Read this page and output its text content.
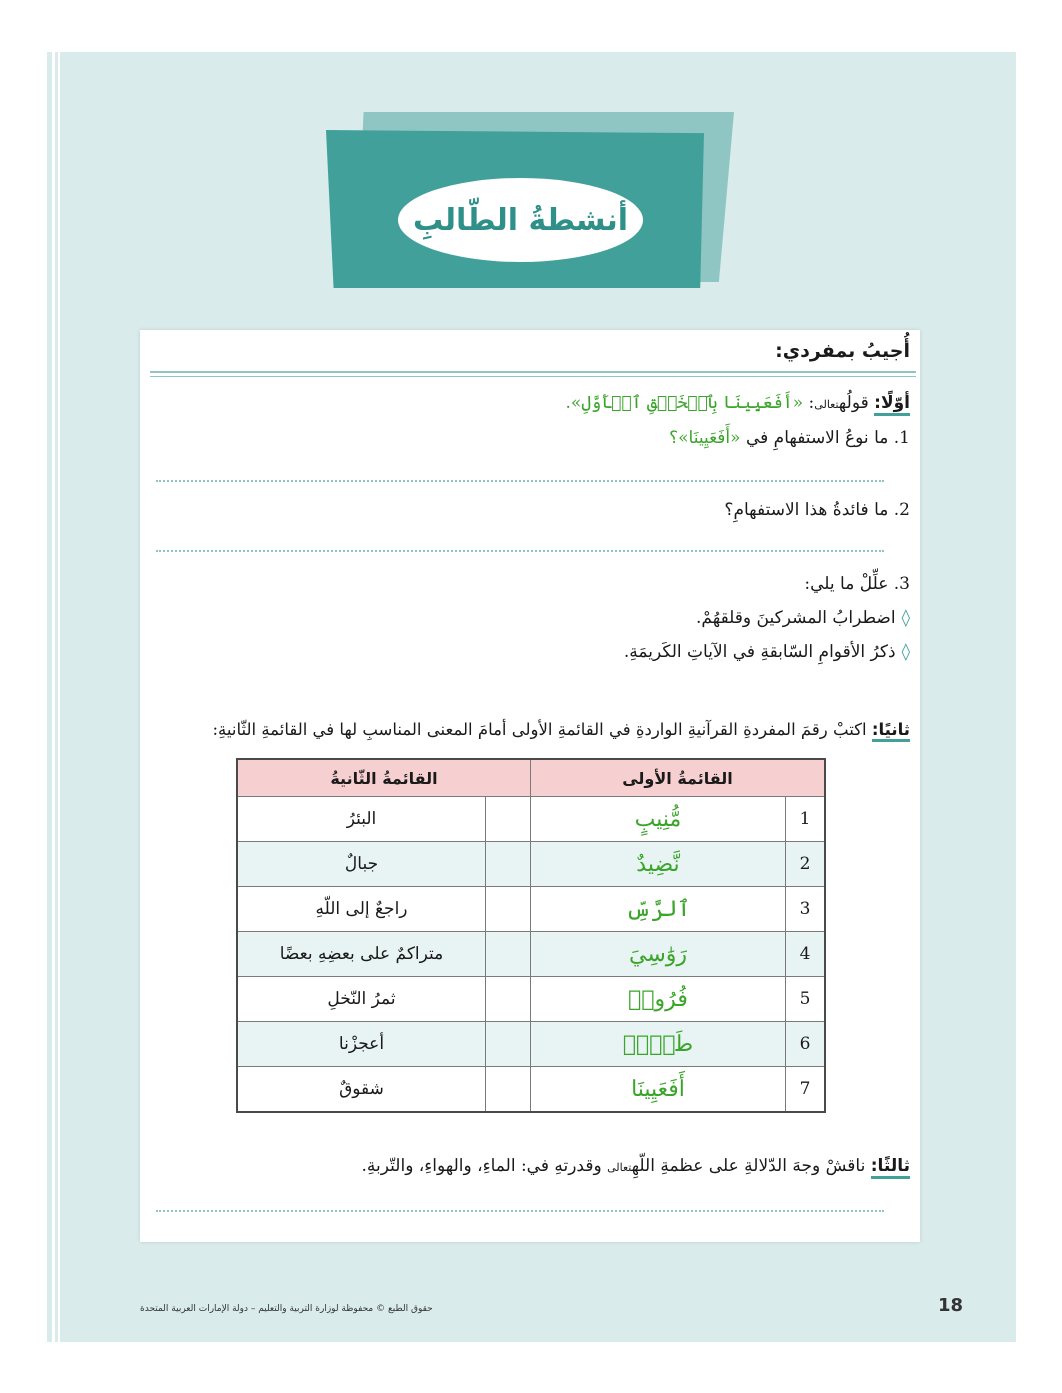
أنشطةُ الطّالبِ
أُجيبُ بمفردي:
أوّلًا: قولُهتعالى: «أَفَعَيِينَا بِٱلۡخَلۡقِ ٱلۡأَوَّلِ».
1. ما نوعُ الاستفهامِ في «أَفَعَيِينَا»؟
2. ما فائدةُ هذا الاستفهامِ؟
3. علِّلْ ما يلي:
◊اضطرابُ المشركينَ وقلقهُمْ.
◊ذكرُ الأقوامِ السّابقةِ في الآياتِ الكَريمَةِ.
ثانيًا: اكتبْ رقمَ المفردةِ القرآنيةِ الواردةِ في القائمةِ الأولى أمامَ المعنى المناسبِ لها في القائمةِ الثّانيةِ:
القائمةُ الأولى		القائمةُ الثّانيةُ	
1	مُّنِيبٍ		البئرُ
2	نَّضِيدٌ		جبالٌ
3	ٱلرَّسِّ		راجعٌ إلى اللّهِ
4	رَوَٰسِيَ		متراكمٌ على بعضِهِ بعضًا
5	فُرُوجٖ		ثمرُ النّخلِ
6	طَلۡعٞ		أعجزْنا
7	أَفَعَيِينَا		شقوقٌ
ثالثًا: ناقشْ وجهَ الدّلالةِ على عظمةِ اللّهِتعالى وقدرتهِ في: الماءِ، والهواءِ، والتّربةِ.
حقوق الطبع © محفوظة لوزارة التربية والتعليم – دولة الإمارات العربية المتحدة	18
